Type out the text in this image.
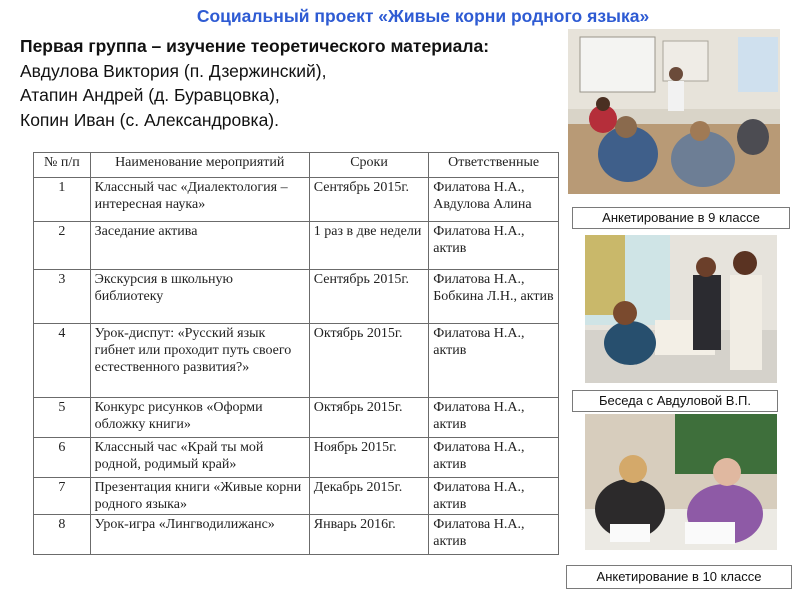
Социальный проект «Живые корни родного языка»
Первая группа – изучение теоретического материала:
Авдулова Виктория (п. Дзержинский),
Атапин Андрей (д. Буравцовка),
Копин Иван (с. Александровка).
№ п/п	Наименование мероприятий	Сроки	Ответственные
1	Классный час «Диалектология – интересная наука»	Сентябрь 2015г.	Филатова Н.А., Авдулова Алина
2	Заседание актива	1 раз в две недели	Филатова Н.А., актив
3	Экскурсия в школьную библиотеку	Сентябрь 2015г.	Филатова Н.А., Бобкина Л.Н., актив
4	Урок-диспут: «Русский язык гибнет или проходит путь своего естественного развития?»	Октябрь 2015г.	Филатова Н.А., актив
5	Конкурс рисунков «Оформи обложку книги»	Октябрь 2015г.	Филатова Н.А., актив
6	Классный час «Край ты мой родной, родимый край»	Ноябрь 2015г.	Филатова Н.А., актив
7	Презентация книги «Живые корни родного языка»	Декабрь 2015г.	Филатова Н.А., актив
8	Урок-игра «Лингводилижанс»	Январь 2016г.	Филатова Н.А., актив
Анкетирование в 9 классе
Беседа с Авдуловой В.П.
Анкетирование в 10 классе
